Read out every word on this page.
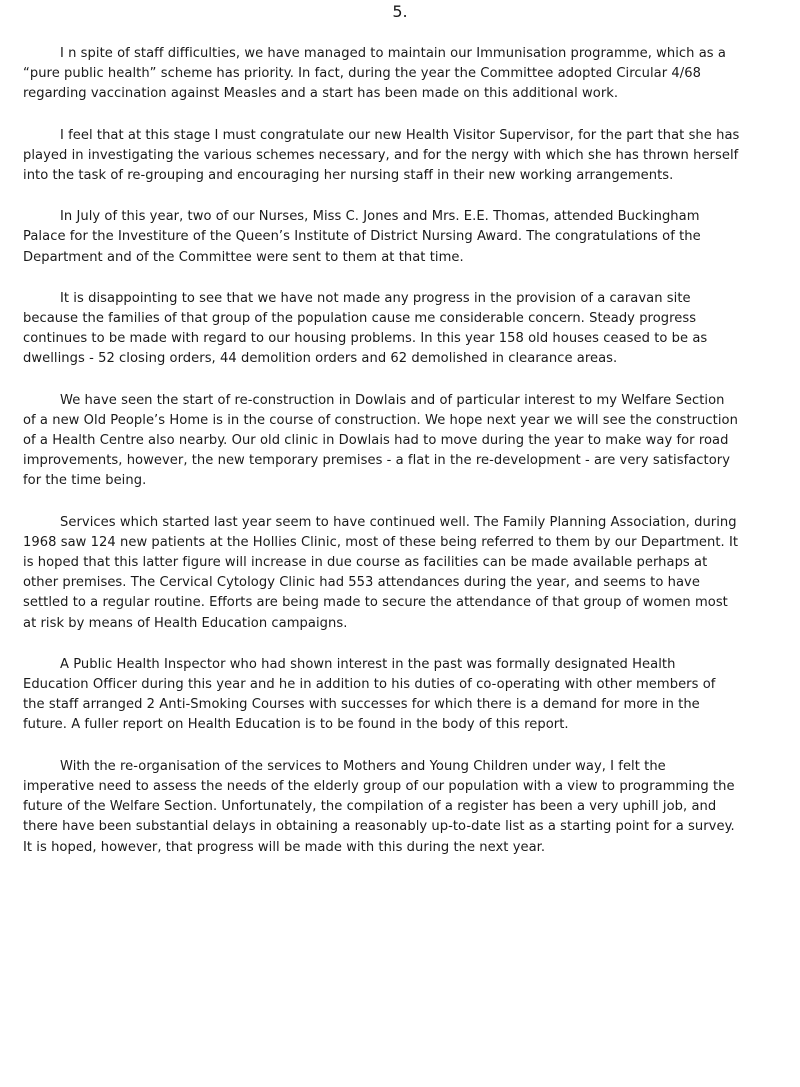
5.

I n spite of staff difficulties, we have managed to maintain our Immunisation programme, which as a “pure public health” scheme has priority. In fact, during the year the Committee adopted Circular 4/68 regarding vaccination against Measles and a start has been made on this additional work.

I feel that at this stage I must congratulate our new Health Visitor Supervisor, for the part that she has played in investigating the various schemes necessary, and for the nergy with which she has thrown herself into the task of re-grouping and encouraging her nursing staff in their new working arrangements.

In July of this year, two of our Nurses, Miss C. Jones and Mrs. E.E. Thomas, attended Buckingham Palace for the Investiture of the Queen’s Institute of District Nursing Award. The congratulations of the Department and of the Committee were sent to them at that time.

It is disappointing to see that we have not made any progress in the provision of a caravan site because the families of that group of the population cause me considerable concern. Steady progress continues to be made with regard to our housing problems. In this year 158 old houses ceased to be as dwellings - 52 closing orders, 44 demolition orders and 62 demolished in clearance areas.

We have seen the start of re-construction in Dowlais and of particular interest to my Welfare Section of a new Old People’s Home is in the course of construction. We hope next year we will see the construction of a Health Centre also nearby. Our old clinic in Dowlais had to move during the year to make way for road improvements, however, the new temporary premises - a flat in the re-development - are very satisfactory for the time being.

Services which started last year seem to have continued well. The Family Planning Association, during 1968 saw 124 new patients at the Hollies Clinic, most of these being referred to them by our Department. It is hoped that this latter figure will increase in due course as facilities can be made available perhaps at other premises. The Cervical Cytology Clinic had 553 attendances during the year, and seems to have settled to a regular routine. Efforts are being made to secure the attendance of that group of women most at risk by means of Health Education campaigns.

A Public Health Inspector who had shown interest in the past was formally designated Health Education Officer during this year and he in addition to his duties of co-operating with other members of the staff arranged 2 Anti-Smoking Courses with successes for which there is a demand for more in the future. A fuller report on Health Education is to be found in the body of this report.

With the re-organisation of the services to Mothers and Young Children under way, I felt the imperative need to assess the needs of the elderly group of our population with a view to programming the future of the Welfare Section. Unfortunately, the compilation of a register has been a very uphill job, and there have been substantial delays in obtaining a reasonably up-to-date list as a starting point for a survey. It is hoped, however, that progress will be made with this during the next year.
